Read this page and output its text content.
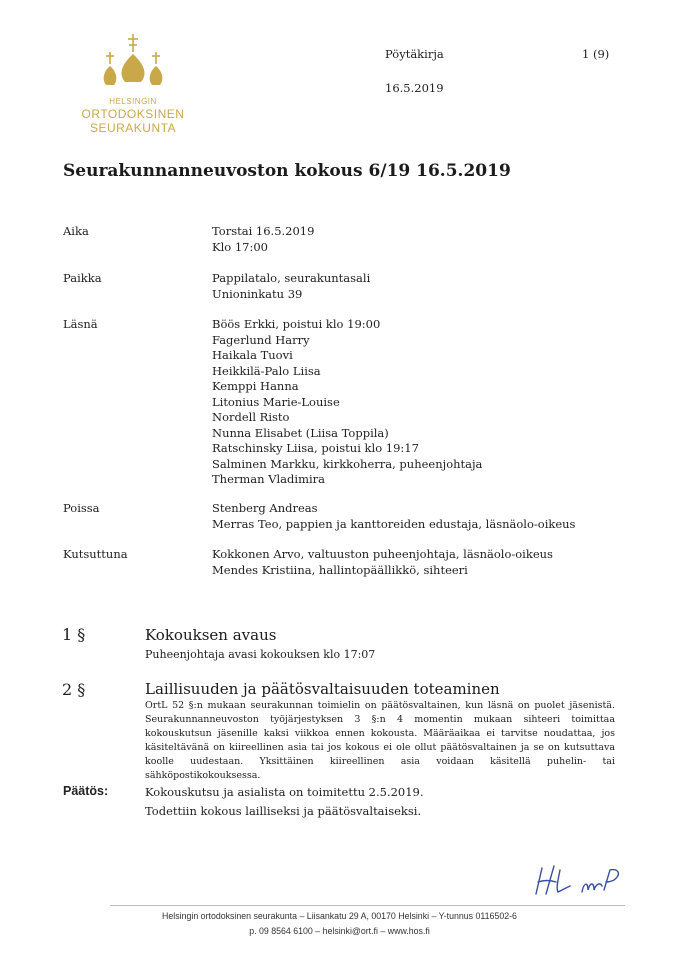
HELSINGIN
ORTODOKSINEN
SEURAKUNTA
Pöytäkirja	1 (9)
16.5.2019
Seurakunnanneuvoston kokous 6/19 16.5.2019
Aika	Torstai 16.5.2019
Klo 17:00
Paikka	Pappilatalo, seurakuntasali
Unioninkatu 39
Läsnä	Böös Erkki, poistui klo 19:00
Fagerlund Harry
Haikala Tuovi
Heikkilä-Palo Liisa
Kemppi Hanna
Litonius Marie-Louise
Nordell Risto
Nunna Elisabet (Liisa Toppila)
Ratschinsky Liisa, poistui klo 19:17
Salminen Markku, kirkkoherra, puheenjohtaja
Therman Vladimira
Poissa	Stenberg Andreas
Merras Teo, pappien ja kanttoreiden edustaja, läsnäolo-oikeus
Kutsuttuna	Kokkonen Arvo, valtuuston puheenjohtaja, läsnäolo-oikeus
Mendes Kristiina, hallintopäällikkö, sihteeri
1 §	Kokouksen avaus
Puheenjohtaja avasi kokouksen klo 17:07
2 §	Laillisuuden ja päätösvaltaisuuden toteaminen
OrtL 52 §:n mukaan seurakunnan toimielin on päätösvaltainen, kun läsnä on puolet jäsenistä. Seurakunnanneuvoston työjärjestyksen 3 §:n 4 momentin mukaan sihteeri toimittaa kokouskutsun jäsenille kaksi viikkoa ennen kokousta. Määräaikaa ei tarvitse noudattaa, jos käsiteltävänä on kiireellinen asia tai jos kokous ei ole ollut päätösvaltainen ja se on kutsuttava koolle uudestaan. Yksittäinen kiireellinen asia voidaan käsitellä puhelin- tai sähköpostikokouksessa.
Päätös:	Kokouskutsu ja asialista on toimitettu 2.5.2019.
Todettiin kokous lailliseksi ja päätösvaltaiseksi.
Helsingin ortodoksinen seurakunta – Liisankatu 29 A, 00170 Helsinki – Y-tunnus 0116502-6
p. 09 8564 6100 – helsinki@ort.fi – www.hos.fi
